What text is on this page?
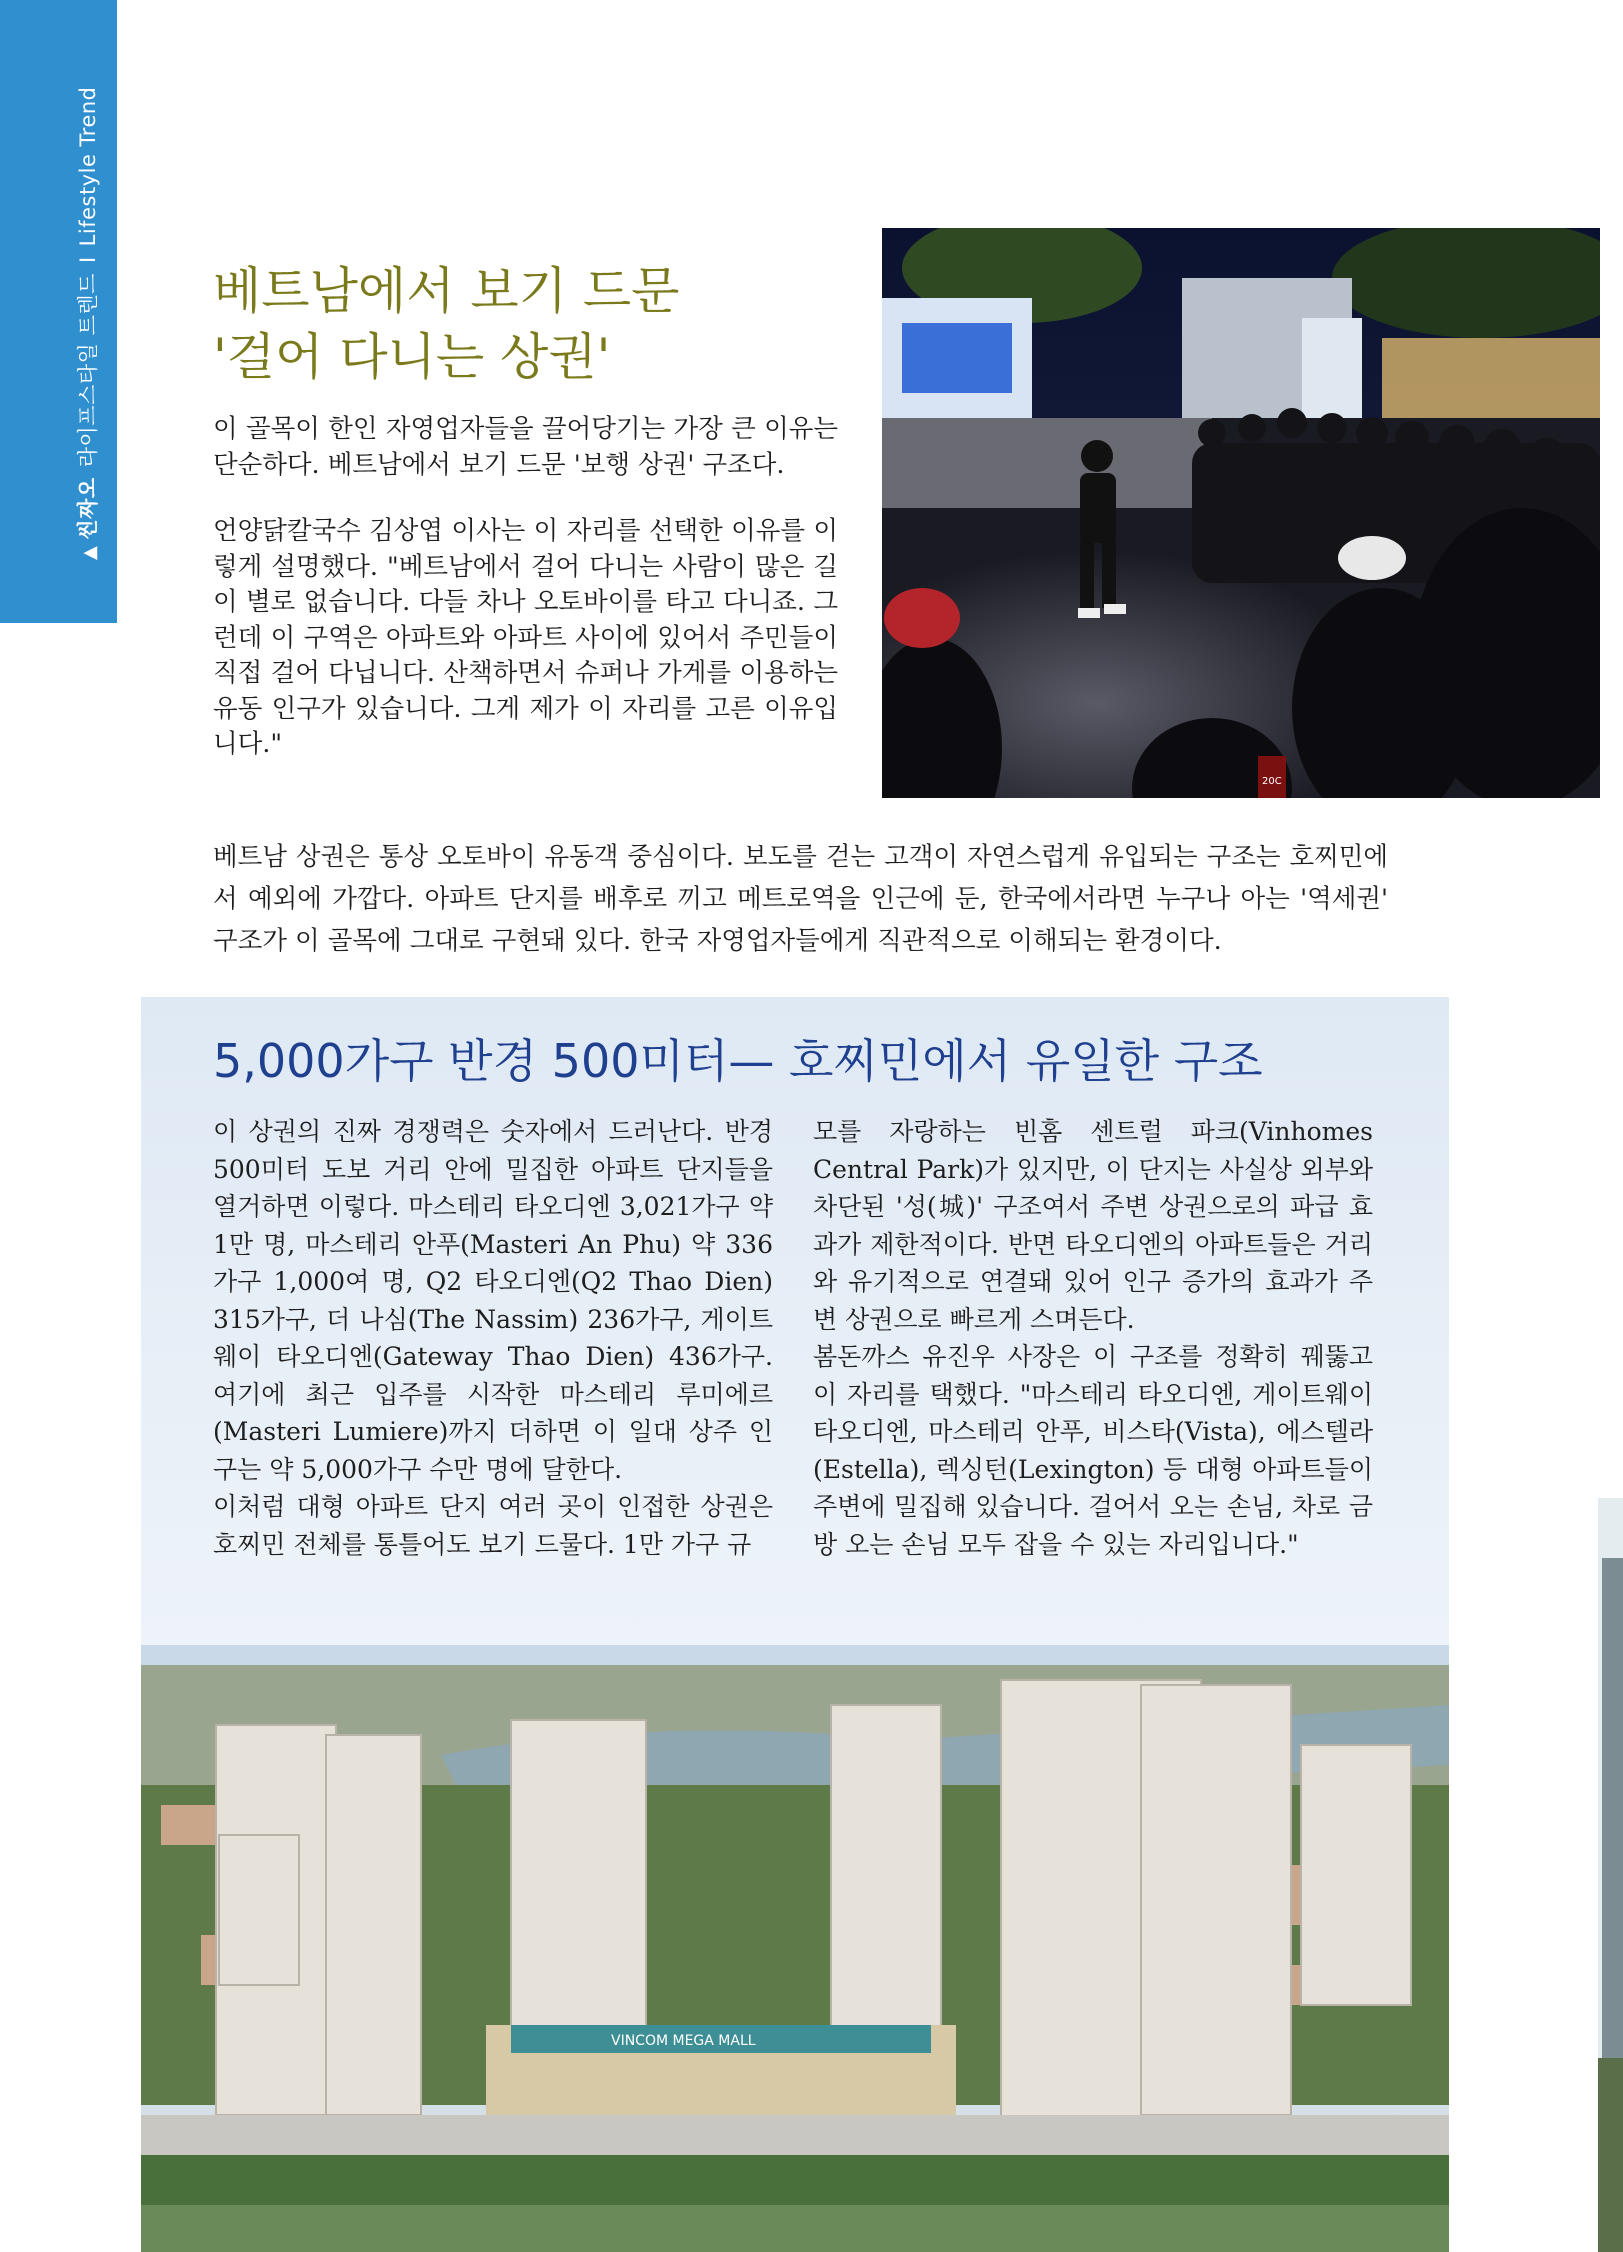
▲씬짜오라이프스타일 트렌드ILifestyle Trend
베트남에서 보기 드문
'걸어 다니는 상권'

이 골목이 한인 자영업자들을 끌어당기는 가장 큰 이유는 단순하다. 베트남에서 보기 드문 '보행 상권' 구조다.

언양닭칼국수 김상엽 이사는 이 자리를 선택한 이유를 이렇게 설명했다. "베트남에서 걸어 다니는 사람이 많은 길이 별로 없습니다. 다들 차나 오토바이를 타고 다니죠. 그런데 이 구역은 아파트와 아파트 사이에 있어서 주민들이 직접 걸어 다닙니다. 산책하면서 슈퍼나 가게를 이용하는 유동 인구가 있습니다. 그게 제가 이 자리를 고른 이유입니다."

20C

베트남 상권은 통상 오토바이 유동객 중심이다. 보도를 걷는 고객이 자연스럽게 유입되는 구조는 호찌민에서 예외에 가깝다. 아파트 단지를 배후로 끼고 메트로역을 인근에 둔, 한국에서라면 누구나 아는 '역세권' 구조가 이 골목에 그대로 구현돼 있다. 한국 자영업자들에게 직관적으로 이해되는 환경이다.

5,000가구 반경 500미터— 호찌민에서 유일한 구조

이 상권의 진짜 경쟁력은 숫자에서 드러난다. 반경 500미터 도보 거리 안에 밀집한 아파트 단지들을 열거하면 이렇다. 마스테리 타오디엔 3,021가구 약 1만 명, 마스테리 안푸(Masteri An Phu) 약 336가구 1,000여 명, Q2 타오디엔(Q2 Thao Dien) 315가구, 더 나심(The Nassim) 236가구, 게이트웨이 타오디엔(Gateway Thao Dien) 436가구. 여기에 최근 입주를 시작한 마스테리 루미에르(Masteri Lumiere)까지 더하면 이 일대 상주 인구는 약 5,000가구 수만 명에 달한다.

이처럼 대형 아파트 단지 여러 곳이 인접한 상권은 호찌민 전체를 통틀어도 보기 드물다. 1만 가구 규

모를 자랑하는 빈홈 센트럴 파크(Vinhomes Central Park)가 있지만, 이 단지는 사실상 외부와 차단된 '성(城)' 구조여서 주변 상권으로의 파급 효과가 제한적이다. 반면 타오디엔의 아파트들은 거리와 유기적으로 연결돼 있어 인구 증가의 효과가 주변 상권으로 빠르게 스며든다.

봄돈까스 유진우 사장은 이 구조를 정확히 꿰뚫고 이 자리를 택했다. "마스테리 타오디엔, 게이트웨이 타오디엔, 마스테리 안푸, 비스타(Vista), 에스텔라(Estella), 렉싱턴(Lexington) 등 대형 아파트들이 주변에 밀집해 있습니다. 걸어서 오는 손님, 차로 금방 오는 손님 모두 잡을 수 있는 자리입니다."

VINCOM MEGA MALL
